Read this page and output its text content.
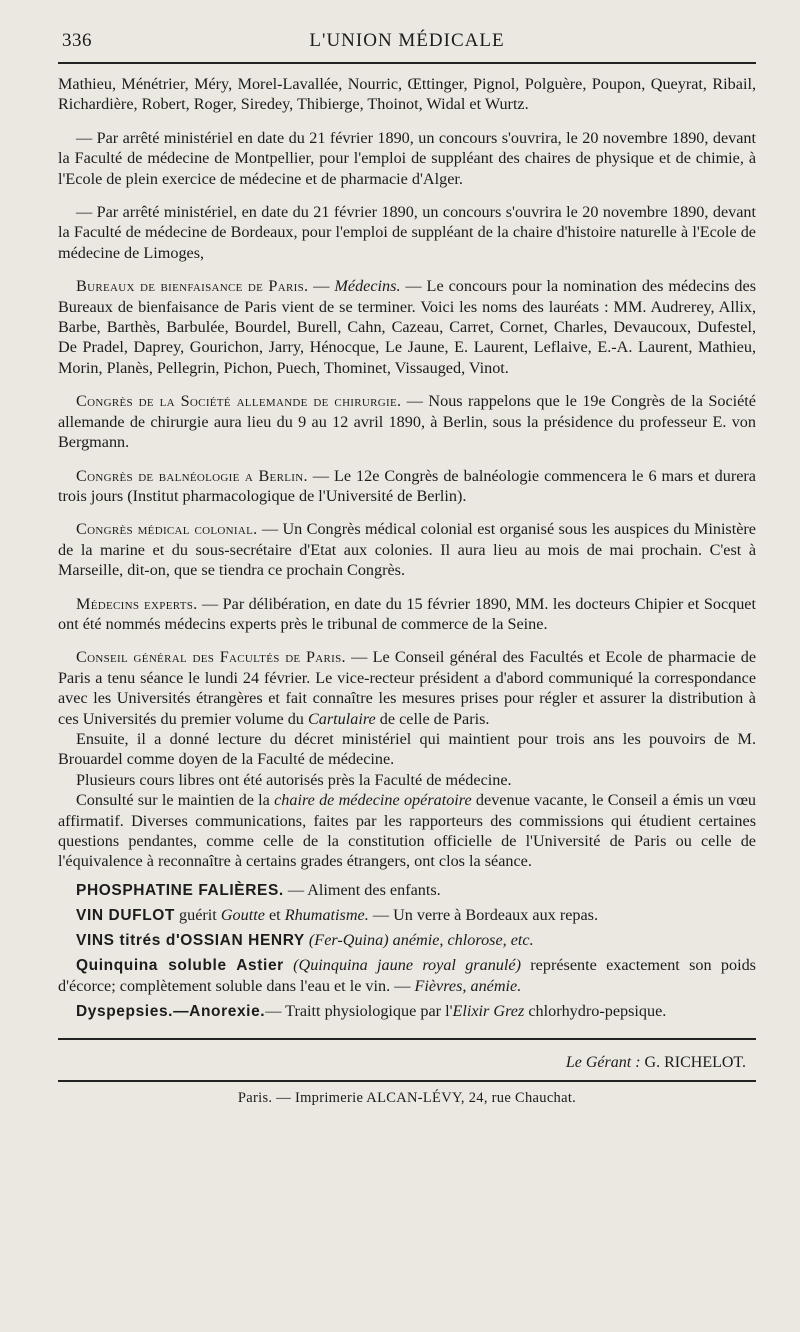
336	L'UNION MÉDICALE

Mathieu, Ménétrier, Méry, Morel-Lavallée, Nourric, Œttinger, Pignol, Polguère, Poupon, Queyrat, Ribail, Richardière, Robert, Roger, Siredey, Thibierge, Thoinot, Widal et Wurtz.

— Par arrêté ministériel en date du 21 février 1890, un concours s'ouvrira, le 20 novembre 1890, devant la Faculté de médecine de Montpellier, pour l'emploi de suppléant des chaires de physique et de chimie, à l'Ecole de plein exercice de médecine et de pharmacie d'Alger.

— Par arrêté ministériel, en date du 21 février 1890, un concours s'ouvrira le 20 novembre 1890, devant la Faculté de médecine de Bordeaux, pour l'emploi de suppléant de la chaire d'histoire naturelle à l'Ecole de médecine de Limoges,

Bureaux de bienfaisance de Paris. — Médecins. — Le concours pour la nomination des médecins des Bureaux de bienfaisance de Paris vient de se terminer. Voici les noms des lauréats : MM. Audrerey, Allix, Barbe, Barthès, Barbulée, Bourdel, Burell, Cahn, Cazeau, Carret, Cornet, Charles, Devaucoux, Dufestel, De Pradel, Daprey, Gourichon, Jarry, Hénocque, Le Jaune, E. Laurent, Leflaive, E.-A. Laurent, Mathieu, Morin, Planès, Pellegrin, Pichon, Puech, Thominet, Vissauged, Vinot.

Congrès de la Société allemande de chirurgie. — Nous rappelons que le 19e Congrès de la Société allemande de chirurgie aura lieu du 9 au 12 avril 1890, à Berlin, sous la présidence du professeur E. von Bergmann.

Congrès de balnéologie a Berlin. — Le 12e Congrès de balnéologie commencera le 6 mars et durera trois jours (Institut pharmacologique de l'Université de Berlin).

Congrès médical colonial. — Un Congrès médical colonial est organisé sous les auspices du Ministère de la marine et du sous-secrétaire d'Etat aux colonies. Il aura lieu au mois de mai prochain. C'est à Marseille, dit-on, que se tiendra ce prochain Congrès.

Médecins experts. — Par délibération, en date du 15 février 1890, MM. les docteurs Chipier et Socquet ont été nommés médecins experts près le tribunal de commerce de la Seine.

Conseil général des Facultés de Paris. — Le Conseil général des Facultés et Ecole de pharmacie de Paris a tenu séance le lundi 24 février. Le vice-recteur président a d'abord communiqué la correspondance avec les Universités étrangères et fait connaître les mesures prises pour régler et assurer la distribution à ces Universités du premier volume du Cartulaire de celle de Paris.

Ensuite, il a donné lecture du décret ministériel qui maintient pour trois ans les pouvoirs de M. Brouardel comme doyen de la Faculté de médecine.

Plusieurs cours libres ont été autorisés près la Faculté de médecine.

Consulté sur le maintien de la chaire de médecine opératoire devenue vacante, le Conseil a émis un vœu affirmatif. Diverses communications, faites par les rapporteurs des commissions qui étudient certaines questions pendantes, comme celle de la constitution officielle de l'Université de Paris ou celle de l'équivalence à reconnaître à certains grades étrangers, ont clos la séance.

PHOSPHATINE FALIÈRES. — Aliment des enfants.

VIN DUFLOT guérit Goutte et Rhumatisme. — Un verre à Bordeaux aux repas.

VINS titrés d'OSSIAN HENRY (Fer-Quina) anémie, chlorose, etc.

Quinquina soluble Astier (Quinquina jaune royal granulé) représente exactement son poids d'écorce; complètement soluble dans l'eau et le vin. — Fièvres, anémie.

Dyspepsies.—Anorexie.— Traitt physiologique par l'Elixir Grez chlorhydro-pepsique.

Le Gérant : G. RICHELOT.
Paris. — Imprimerie ALCAN-LÉVY, 24, rue Chauchat.
